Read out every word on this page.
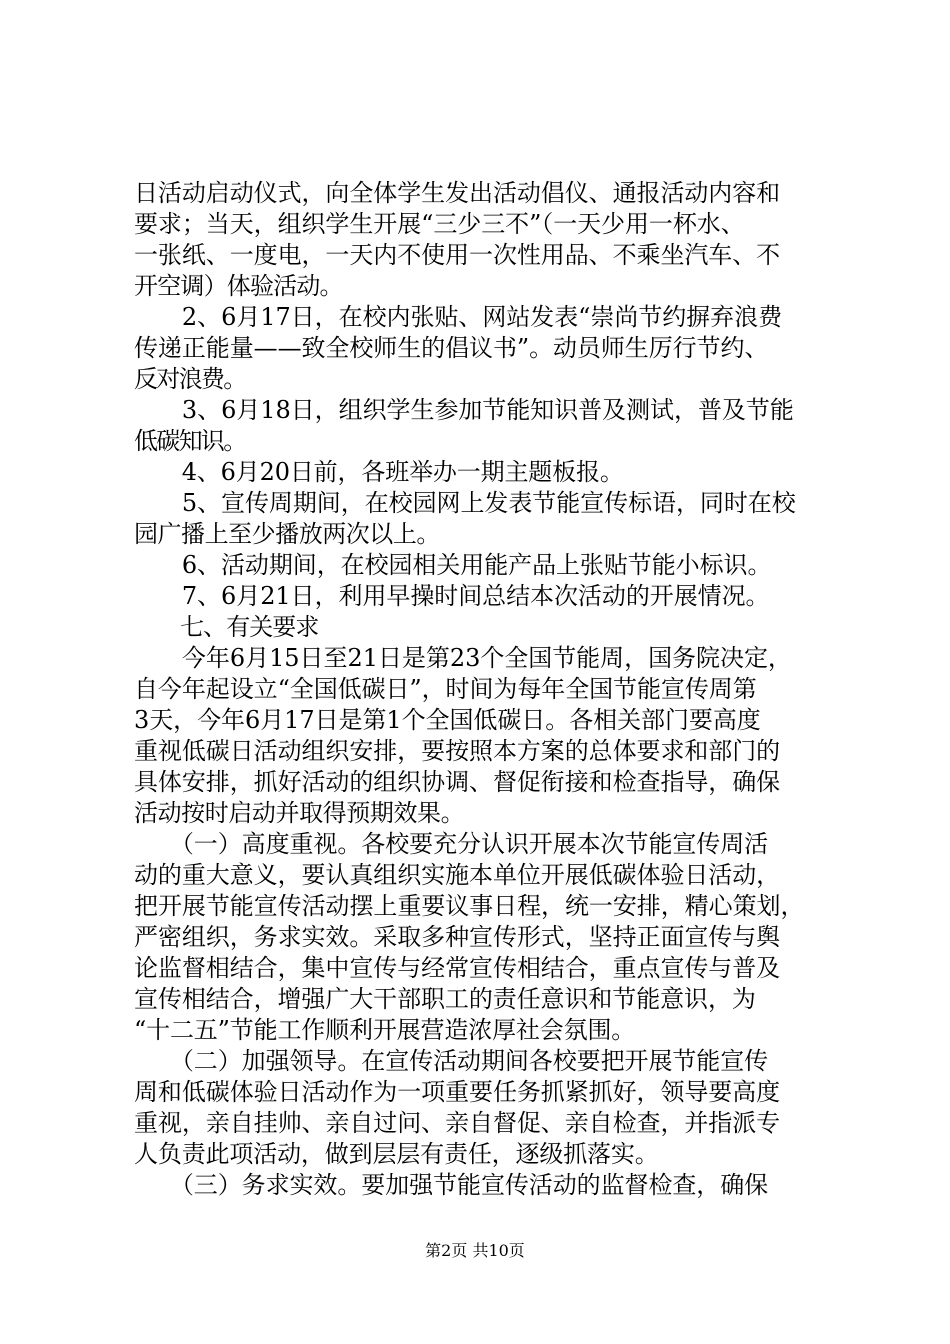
日活动启动仪式，向全体学生发出活动倡仪、通报活动内容和
要求；当天，组织学生开展“三少三不”（一天少用一杯水、
一张纸、一度电，一天内不使用一次性用品、不乘坐汽车、不
开空调）体验活动。
　　2、6月17日，在校内张贴、网站发表“崇尚节约摒弃浪费
传递正能量——致全校师生的倡议书”。动员师生厉行节约、
反对浪费。
　　3、6月18日，组织学生参加节能知识普及测试，普及节能
低碳知识。
　　4、6月20日前，各班举办一期主题板报。
　　5、宣传周期间，在校园网上发表节能宣传标语，同时在校
园广播上至少播放两次以上。
　　6、活动期间，在校园相关用能产品上张贴节能小标识。
　　7、6月21日，利用早操时间总结本次活动的开展情况。
　　七、有关要求
　　今年6月15日至21日是第23个全国节能周，国务院决定，
自今年起设立“全国低碳日”，时间为每年全国节能宣传周第
3天，今年6月17日是第1个全国低碳日。各相关部门要高度
重视低碳日活动组织安排，要按照本方案的总体要求和部门的
具体安排，抓好活动的组织协调、督促衔接和检查指导，确保
活动按时启动并取得预期效果。
　　（一）高度重视。各校要充分认识开展本次节能宣传周活
动的重大意义，要认真组织实施本单位开展低碳体验日活动，
把开展节能宣传活动摆上重要议事日程，统一安排，精心策划，
严密组织，务求实效。采取多种宣传形式，坚持正面宣传与舆
论监督相结合，集中宣传与经常宣传相结合，重点宣传与普及
宣传相结合，增强广大干部职工的责任意识和节能意识，为
“十二五”节能工作顺利开展营造浓厚社会氛围。
　　（二）加强领导。在宣传活动期间各校要把开展节能宣传
周和低碳体验日活动作为一项重要任务抓紧抓好，领导要高度
重视，亲自挂帅、亲自过问、亲自督促、亲自检查，并指派专
人负责此项活动，做到层层有责任，逐级抓落实。
　　（三）务求实效。要加强节能宣传活动的监督检查，确保
第2页 共10页
